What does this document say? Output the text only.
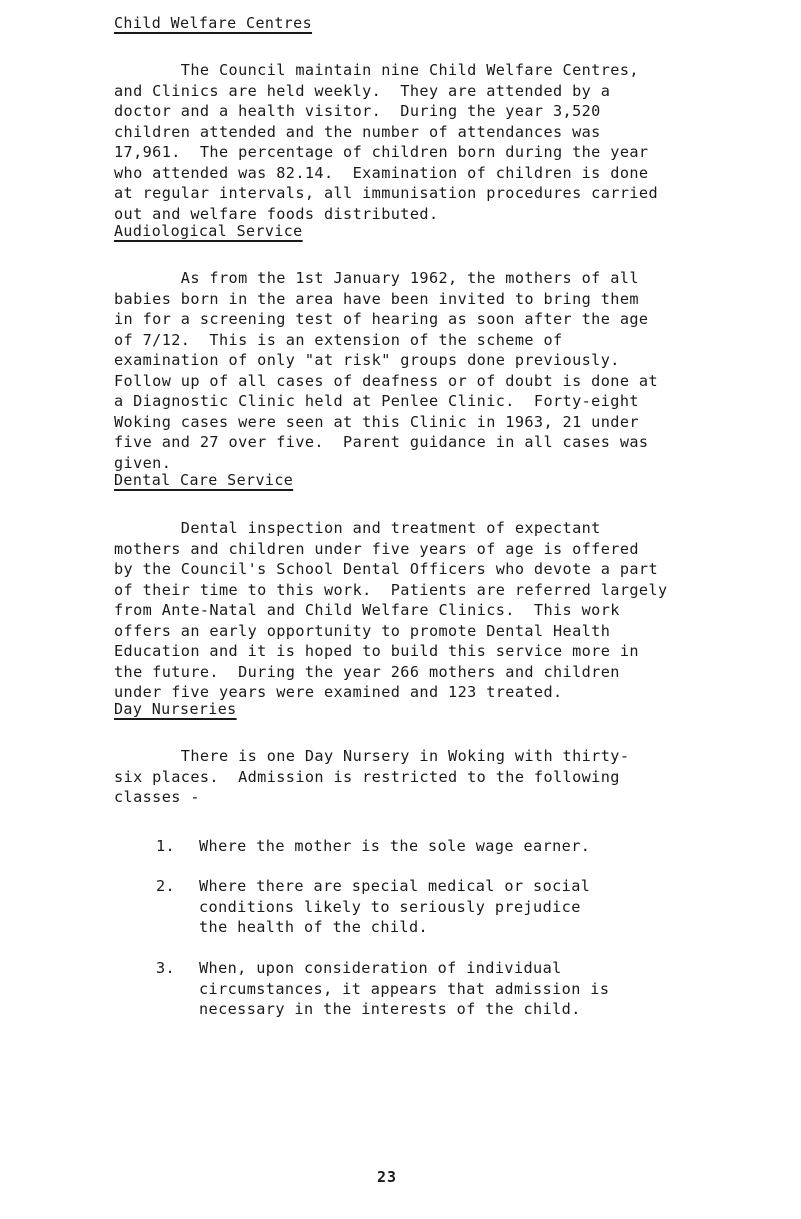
Child Welfare Centres
The Council maintain nine Child Welfare Centres,
and Clinics are held weekly.  They are attended by a
doctor and a health visitor.  During the year 3,520
children attended and the number of attendances was
17,961.  The percentage of children born during the year
who attended was 82.14.  Examination of children is done
at regular intervals, all immunisation procedures carried
out and welfare foods distributed.
Audiological Service
As from the 1st January 1962, the mothers of all
babies born in the area have been invited to bring them
in for a screening test of hearing as soon after the age
of 7/12.  This is an extension of the scheme of
examination of only "at risk" groups done previously.
Follow up of all cases of deafness or of doubt is done at
a Diagnostic Clinic held at Penlee Clinic.  Forty-eight
Woking cases were seen at this Clinic in 1963, 21 under
five and 27 over five.  Parent guidance in all cases was
given.
Dental Care Service
Dental inspection and treatment of expectant
mothers and children under five years of age is offered
by the Council's School Dental Officers who devote a part
of their time to this work.  Patients are referred largely
from Ante-Natal and Child Welfare Clinics.  This work
offers an early opportunity to promote Dental Health
Education and it is hoped to build this service more in
the future.  During the year 266 mothers and children
under five years were examined and 123 treated.
Day Nurseries
There is one Day Nursery in Woking with thirty-
six places.  Admission is restricted to the following
classes -
1. Where the mother is the sole wage earner.
2. Where there are special medical or social
conditions likely to seriously prejudice
the health of the child.
3. When, upon consideration of individual
circumstances, it appears that admission is
necessary in the interests of the child.
23
